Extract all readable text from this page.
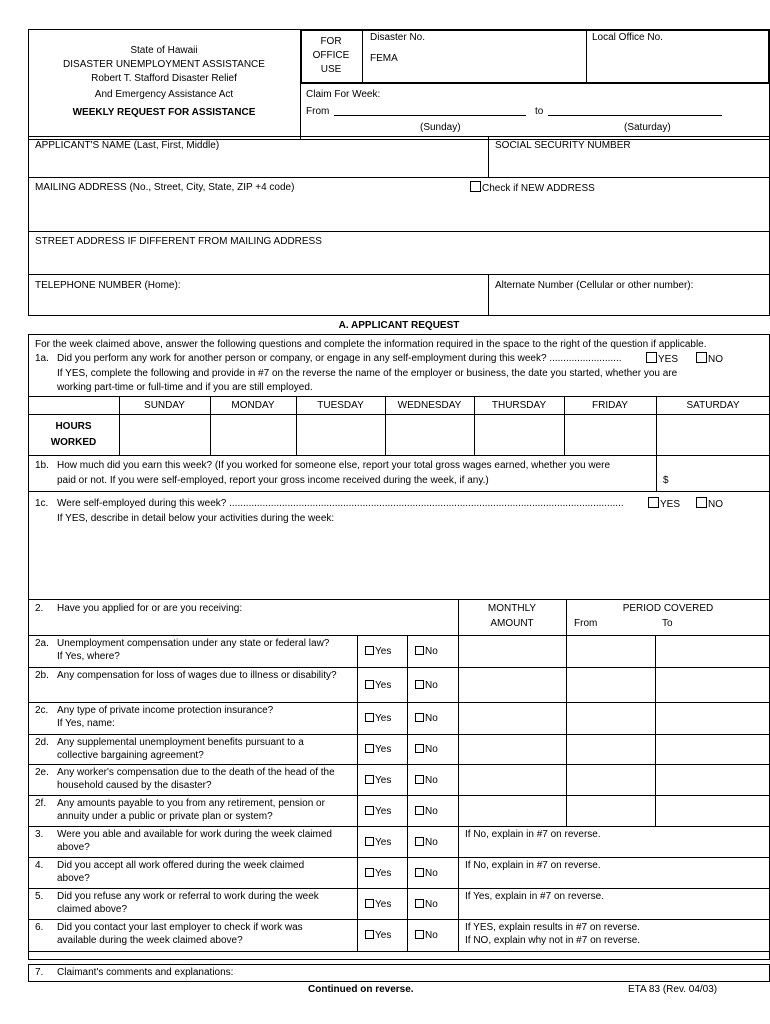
State of Hawaii
DISASTER UNEMPLOYMENT ASSISTANCE
Robert T. Stafford Disaster Relief
And Emergency Assistance Act
WEEKLY REQUEST FOR ASSISTANCE
FOR
OFFICE
USE
Disaster No.
FEMA
Local Office No.
Claim For Week:
From	to
(Sunday)	(Saturday)
APPLICANT'S NAME (Last, First, Middle)	SOCIAL SECURITY NUMBER
MAILING ADDRESS (No., Street, City, State, ZIP +4 code)	Check if NEW ADDRESS
STREET ADDRESS IF DIFFERENT FROM MAILING ADDRESS
TELEPHONE NUMBER (Home):	Alternate Number (Cellular or other number):
A. APPLICANT REQUEST
For the week claimed above, answer the following questions and complete the information required in the space to the right of the question if applicable.
1a. Did you perform any work for another person or company, or engage in any self-employment during this week? ..........................	YES	NO
If YES, complete the following and provide in #7 on the reverse the name of the employer or business, the date you started, whether you are
working part-time or full-time and if you are still employed.
SUNDAY	MONDAY	TUESDAY	WEDNESDAY	THURSDAY	FRIDAY	SATURDAY
HOURS
WORKED
1b. How much did you earn this week? (If you worked for someone else, report your total gross wages earned, whether you were
paid or not. If you were self-employed, report your gross income received during the week, if any.)	$
1c. Were self-employed during this week? ..............................................................................................................................................	YES	NO
If YES, describe in detail below your activities during the week:
2. Have you applied for or are you receiving:	MONTHLY
AMOUNT
PERIOD COVERED
From	To
2a. Unemployment compensation under any state or federal law?
If Yes, where?	Yes	No
2b. Any compensation for loss of wages due to illness or disability?
Yes	No
2c. Any type of private income protection insurance?
If Yes, name:	Yes	No
2d. Any supplemental unemployment benefits pursuant to a
collective bargaining agreement?
Yes	No
2e. Any worker's compensation due to the death of the head of the
household caused by the disaster?	Yes	No
2f. Any amounts payable to you from any retirement, pension or
annuity under a public or private plan or system?	Yes	No
3. Were you able and available for work during the week claimed
above?	Yes	No
If No, explain in #7 on reverse.
4. Did you accept all work offered during the week claimed
above?	Yes	No
If No, explain in #7 on reverse.
5. Did you refuse any work or referral to work during the week
claimed above?	Yes	No
If Yes, explain in #7 on reverse.
6. Did you contact your last employer to check if work was
available during the week claimed above?	Yes	No
If YES, explain results in #7 on reverse.
If NO, explain why not in #7 on reverse.
7. Claimant's comments and explanations:
Continued on reverse.	ETA 83 (Rev. 04/03)
